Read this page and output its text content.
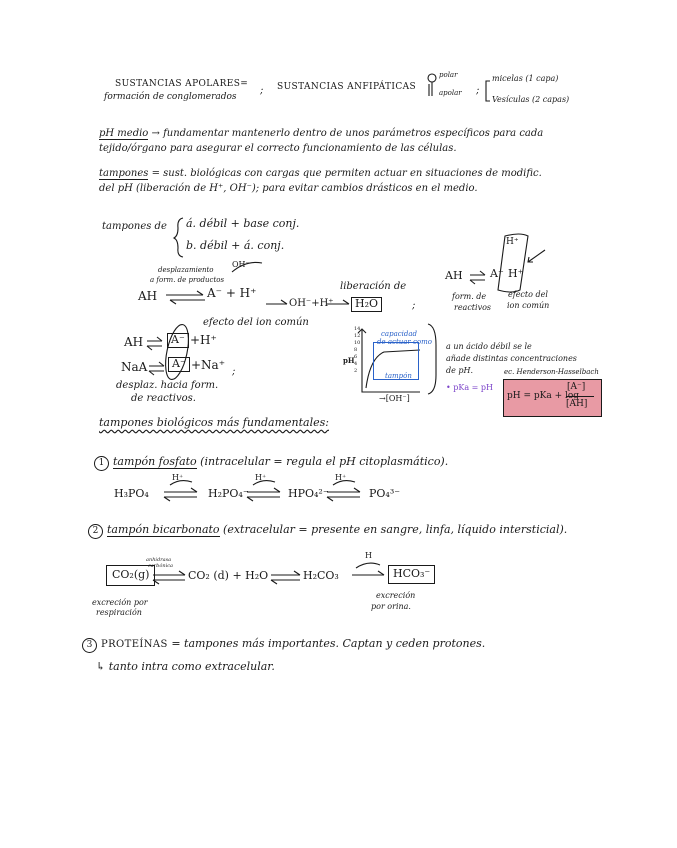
SUSTANCIAS APOLARES=
formación de conglomerados
; SUSTANCIAS ANFIPÁTICAS
polar
apolar ;
micelas (1 capa)
Vesículas (2 capas)
pH medio → fundamentar mantenerlo dentro de unos parámetros específicos para cada
tejido/órgano para asegurar el correcto funcionamiento de las células.
tampones = sust. biológicas con cargas que permiten actuar en situaciones de modific.
del pH (liberación de H⁺, OH⁻); para evitar cambios drásticos en el medio.
tampones de á. débil + base conj.
b. débil + á. conj.
desplazamiento
a form. de productos
OH⁻
AH	A⁻ + H⁺
OH⁻+H⁺
liberación de
H₂O	;
AH A⁻
H⁺
H⁺
form. de
reactivos
efecto del
ion común
efecto del ion común
AH	A⁻ +H⁺
NaA	A⁻ +Na⁺ ;
desplaz. hacia form.
de reactivos.
pH
14
12
10
8
6
4
2
capacidad
de actuar como
tampón
→[OH⁻]
a un ácido débil se le
añade distintas concentraciones
de pH.	ec. Henderson-Hasselbach
• pKa = pH
pH = pKa + log
[A⁻]
[AH]
tampones biológicos más fundamentales:
1 tampón fosfato (intracelular = regula el pH citoplasmático).
H₃PO₄	H₂PO₄⁻	HPO₄²⁻	PO₄³⁻
H⁺	H⁺	H⁺
2 tampón bicarbonato (extracelular = presente en sangre, linfa, líquido intersticial).
anhidrasa
carbónica
CO₂(g)	CO₂ (d) + H₂O	H₂CO₃
H
HCO₃⁻
excreción por
respiración
excreción
por orina.
3 PROTEÍNAS = tampones más importantes. Captan y ceden protones.
↳ tanto intra como extracelular.
